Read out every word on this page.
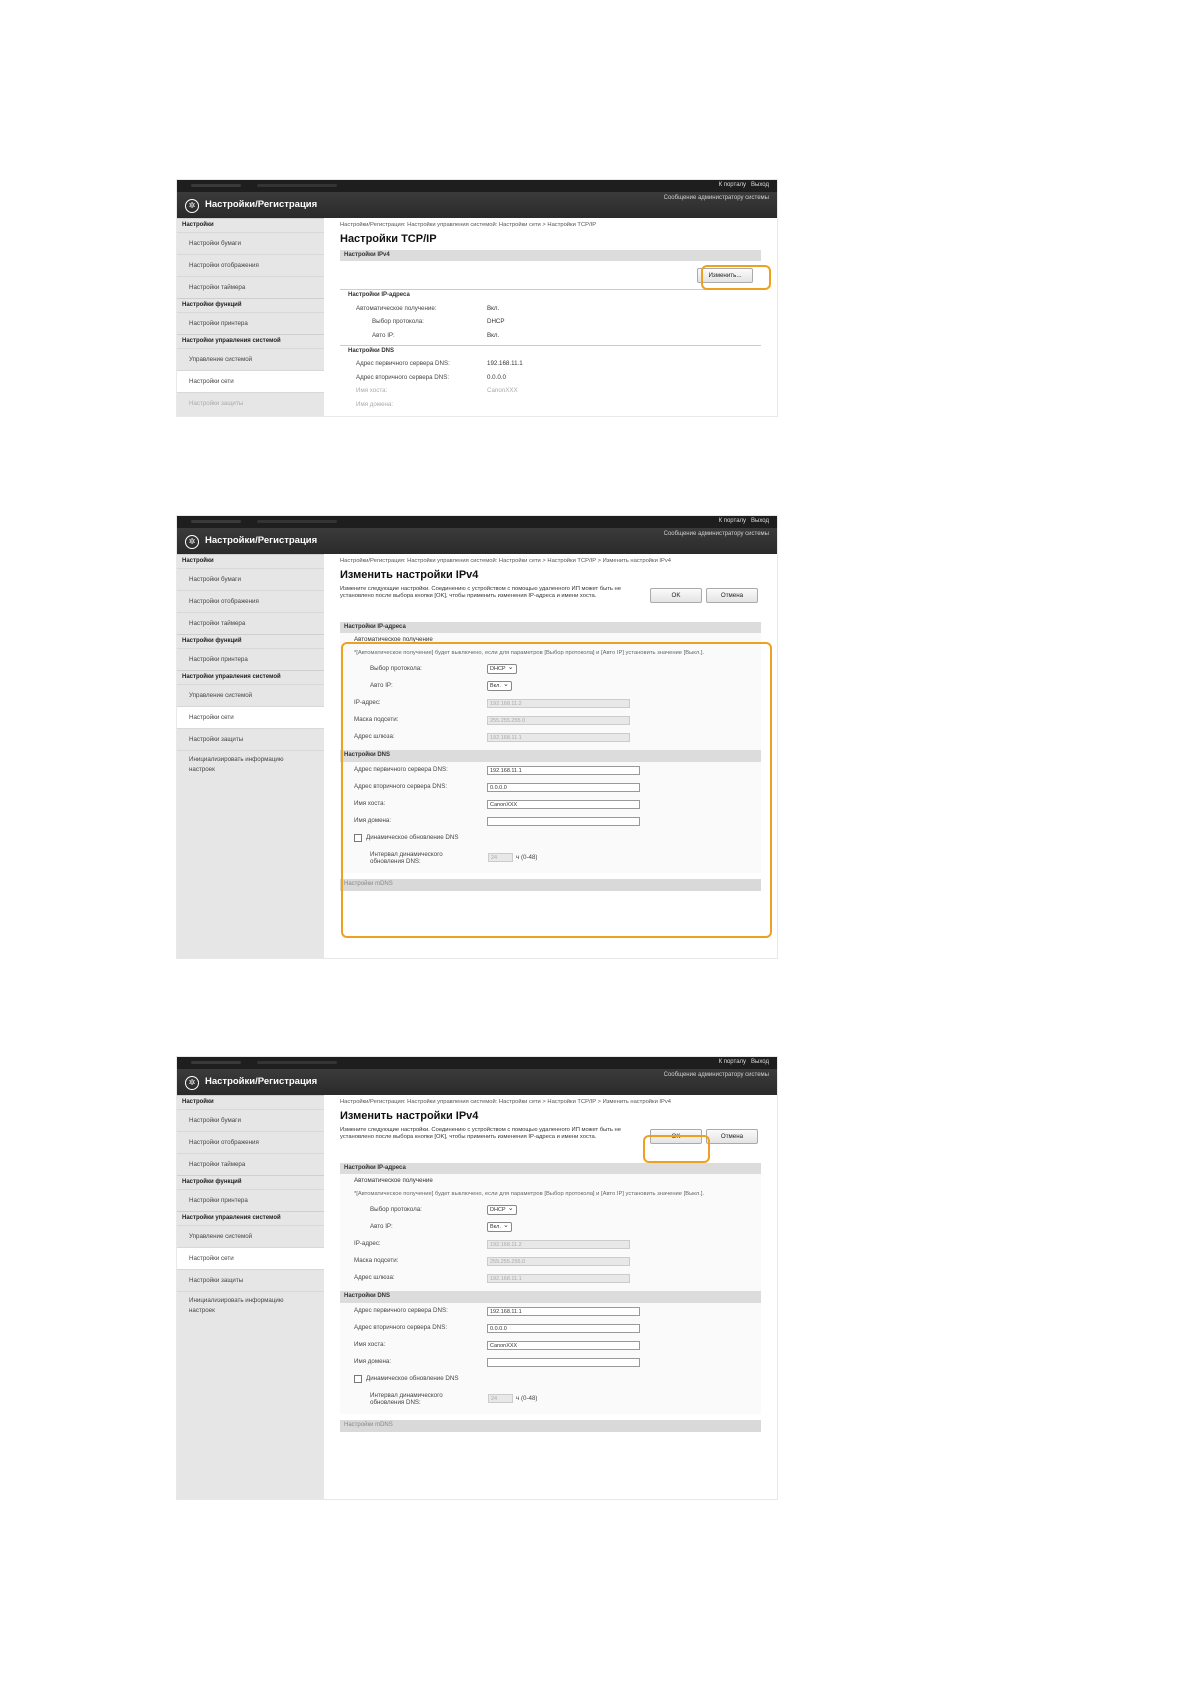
К порталу Выход
✲	Настройки/Регистрация
Сообщение администратору системы
Настройки
Настройки бумаги
Настройки отображения
Настройки таймера
Настройки функций
Настройки принтера
Настройки управления системой
Управление системой
Настройки сети
Настройки защиты
Настройки/Регистрация: Настройки управления системой: Настройки сети > Настройки TCP/IP
Настройки TCP/IP
Настройки IPv4
Изменить...
Настройки IP-адреса
Автоматическое получение:	Вкл.
Выбор протокола:	DHCP
Авто IP:	Вкл.
Настройки DNS
Адрес первичного сервера DNS:	192.168.11.1
Адрес вторичного сервера DNS:	0.0.0.0
Имя хоста:	CanonXXX
Имя домена:
К порталу Выход
✲	Настройки/Регистрация
Сообщение администратору системы
Настройки
Настройки бумаги
Настройки отображения
Настройки таймера
Настройки функций
Настройки принтера
Настройки управления системой
Управление системой
Настройки сети
Настройки защиты
Инициализировать информацию
настроек
Настройки/Регистрация: Настройки управления системой: Настройки сети > Настройки TCP/IP > Изменить настройки IPv4
Изменить настройки IPv4
Измените следующие настройки. Соединению с устройством с помощью удаленного ИП может быть не установлено после выбора кнопки [OK], чтобы применить изменения IP-адреса и имени хоста.	OK	Отмена
Настройки IP-адреса
Автоматическое получение
*[Автоматическое получение] будет выключено, если для параметров [Выбор протокола] и [Авто IP] установить значение [Выкл.].
Выбор протокола:	DHCP ⌄
Авто IP:	Вкл. ⌄
IP-адрес:	192.168.11.2
Маска подсети:	255.255.255.0
Адрес шлюза:	192.168.11.1
Настройки DNS
Адрес первичного сервера DNS:	192.168.11.1
Адрес вторичного сервера DNS:	0.0.0.0
Имя хоста:	CanonXXX
Имя домена:
Динамическое обновление DNS
Интервал динамического
обновления DNS:	24	ч (0-48)
Настройки mDNS
К порталу Выход
✲	Настройки/Регистрация
Сообщение администратору системы
Настройки
Настройки бумаги
Настройки отображения
Настройки таймера
Настройки функций
Настройки принтера
Настройки управления системой
Управление системой
Настройки сети
Настройки защиты
Инициализировать информацию
настроек
Настройки/Регистрация: Настройки управления системой: Настройки сети > Настройки TCP/IP > Изменить настройки IPv4
Изменить настройки IPv4
Измените следующие настройки. Соединению с устройством с помощью удаленного ИП может быть не установлено после выбора кнопки [OK], чтобы применить изменения IP-адреса и имени хоста.	OK	Отмена
Настройки IP-адреса
Автоматическое получение
*[Автоматическое получение] будет выключено, если для параметров [Выбор протокола] и [Авто IP] установить значение [Выкл.].
Выбор протокола:	DHCP ⌄
Авто IP:	Вкл. ⌄
IP-адрес:	192.168.11.2
Маска подсети:	255.255.255.0
Адрес шлюза:	192.168.11.1
Настройки DNS
Адрес первичного сервера DNS:	192.168.11.1
Адрес вторичного сервера DNS:	0.0.0.0
Имя хоста:	CanonXXX
Имя домена:
Динамическое обновление DNS
Интервал динамического
обновления DNS:	24	ч (0-48)
Настройки mDNS
